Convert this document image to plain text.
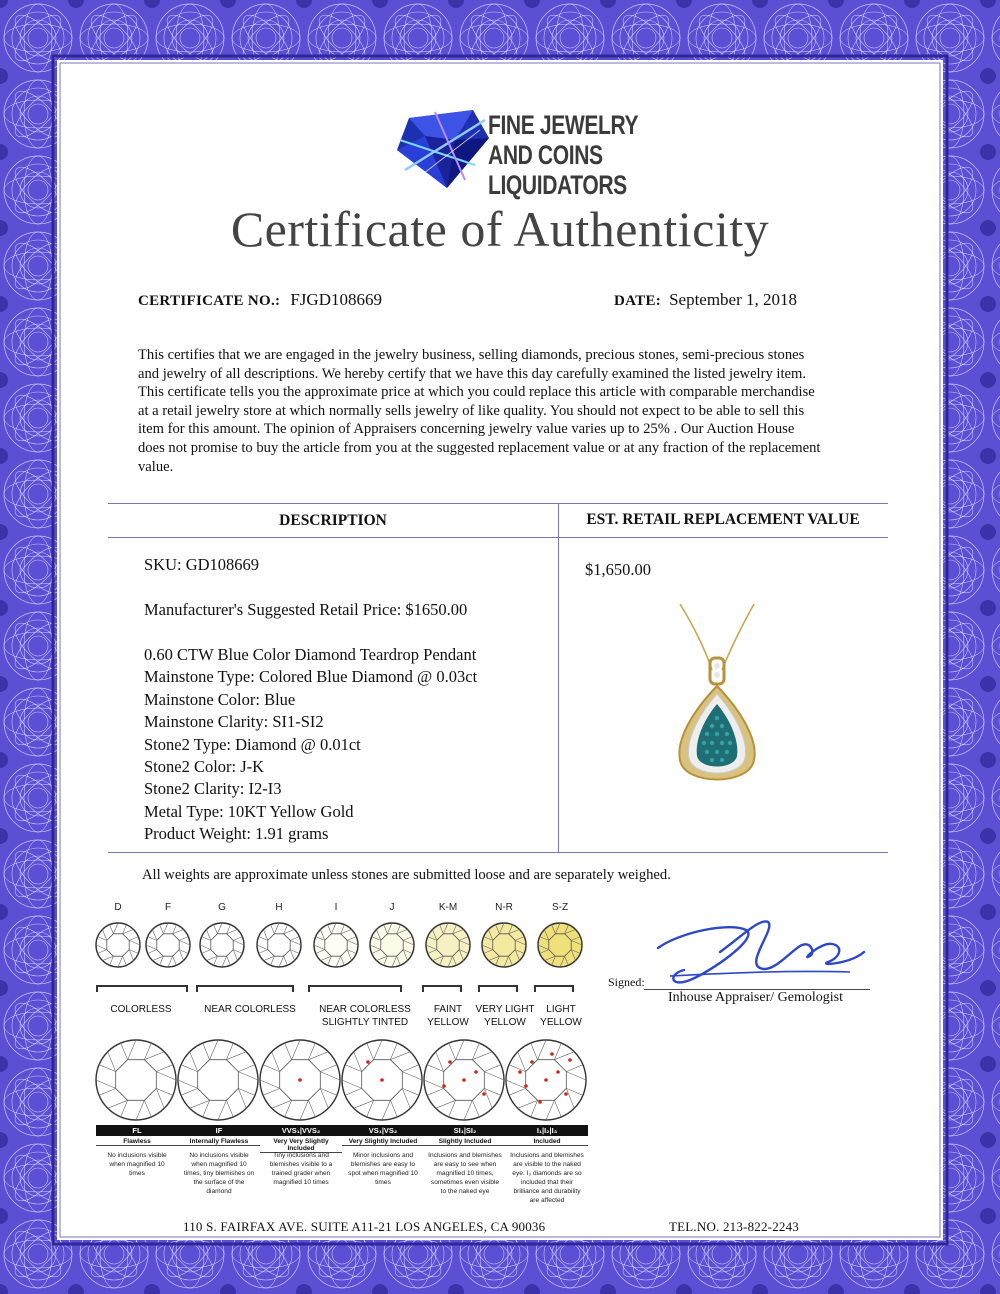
FINE JEWELRY
AND COINS
LIQUIDATORS
Certificate of Authenticity
CERTIFICATE NO.: FJGD108669	DATE: September 1, 2018
This certifies that we are engaged in the jewelry business, selling diamonds, precious stones, semi-precious stones
and jewelry of all descriptions. We hereby certify that we have this day carefully examined the listed jewelry item.
This certificate tells you the approximate price at which you could replace this article with comparable merchandise
at a retail jewelry store at which normally sells jewelry of like quality. You should not expect to be able to sell this
item for this amount. The opinion of Appraisers concerning jewelry value varies up to 25% . Our Auction House
does not promise to buy the article from you at the suggested replacement value or at any fraction of the replacement
value.
DESCRIPTION	EST. RETAIL REPLACEMENT VALUE
SKU: GD108669
Manufacturer's Suggested Retail Price: $1650.00
0.60 CTW Blue Color Diamond Teardrop Pendant
Mainstone Type: Colored Blue Diamond @ 0.03ct
Mainstone Color: Blue
Mainstone Clarity: SI1-SI2
Stone2 Type: Diamond @ 0.01ct
Stone2 Color: J-K
Stone2 Clarity: I2-I3
Metal Type: 10KT Yellow Gold
Product Weight: 1.91 grams
$1,650.00
All weights are approximate unless stones are submitted loose and are separately weighed.
D	F	G	H	I	J	K-M	N-R	S-Z
COLORLESS	NEAR COLORLESS	NEAR COLORLESS
SLIGHTLY TINTED
FAINT
YELLOW
VERY LIGHT
YELLOW
LIGHT
YELLOW
FL
Flawless
No inclusions visible
when magnified 10
times
IF
Internally Flawless
No inclusions visible
when magnified 10
times, tiny blemishes on
the surface of the
diamond
VVS₁|VVS₂
Very Very Slightly Included
Tiny inclusions and
blemishes visible to a
trained grader when
magnified 10 times
VS₁|VS₂
Very Slightly Included
Minor inclusions and
blemishes are easy to
spot when magnified 10
times
SI₁|SI₂
Slightly Included
Inclusions and blemishes
are easy to see when
magnified 10 times,
sometimes even visible
to the naked eye
I₁|I₂|I₃
Included
Inclusions and blemishes
are visible to the naked
eye. I₃ diamonds are so
included that their
brilliance and durability
are affected
Signed:
Inhouse Appraiser/ Gemologist
110 S. FAIRFAX AVE. SUITE A11-21 LOS ANGELES, CA 90036	TEL.NO. 213-822-2243
